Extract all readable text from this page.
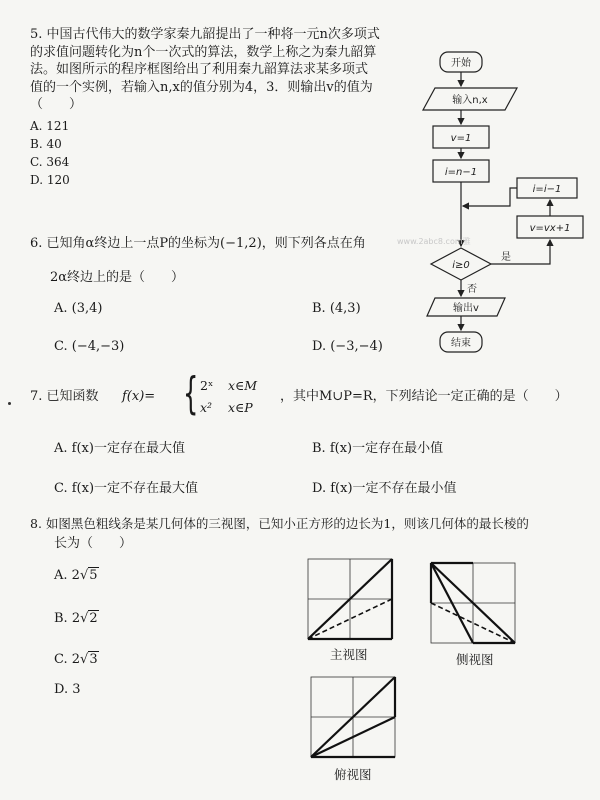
5. 中国古代伟大的数学家秦九韶提出了一种将一元n次多项式的求值问题转化为n个一次式的算法，数学上称之为秦九韶算法。如图所示的程序框图给出了利用秦九韶算法求某多项式值的一个实例，若输入n,x的值分别为4，3．则输出v的值为（　　）
A. 121
B. 40
C. 364
D. 120
开始
输入n,x
v=1
i=n−1
i=i−1
v=vx+1
i≥0
是
否
输出v
结束
www.2abc8.com雅
6. 已知角α终边上一点P的坐标为(−1,2)，则下列各点在角
2α终边上的是（　　）
A. (3,4)	B. (4,3)
C. (−4,−3)	D. (−3,−4)
7. 已知函数 f(x)= { 2ˣ x∈M
x² x∈P
，其中M∪P=R，下列结论一定正确的是（　　）
A. f(x)一定存在最大值	B. f(x)一定存在最小值
C. f(x)一定不存在最大值	D. f(x)一定不存在最小值
8. 如图黑色粗线条是某几何体的三视图，已知小正方形的边长为1，则该几何体的最长棱的
长为（　　）
A. 2√5
B. 2√2
C. 2√3
D. 3
主视图	侧视图
俯视图
